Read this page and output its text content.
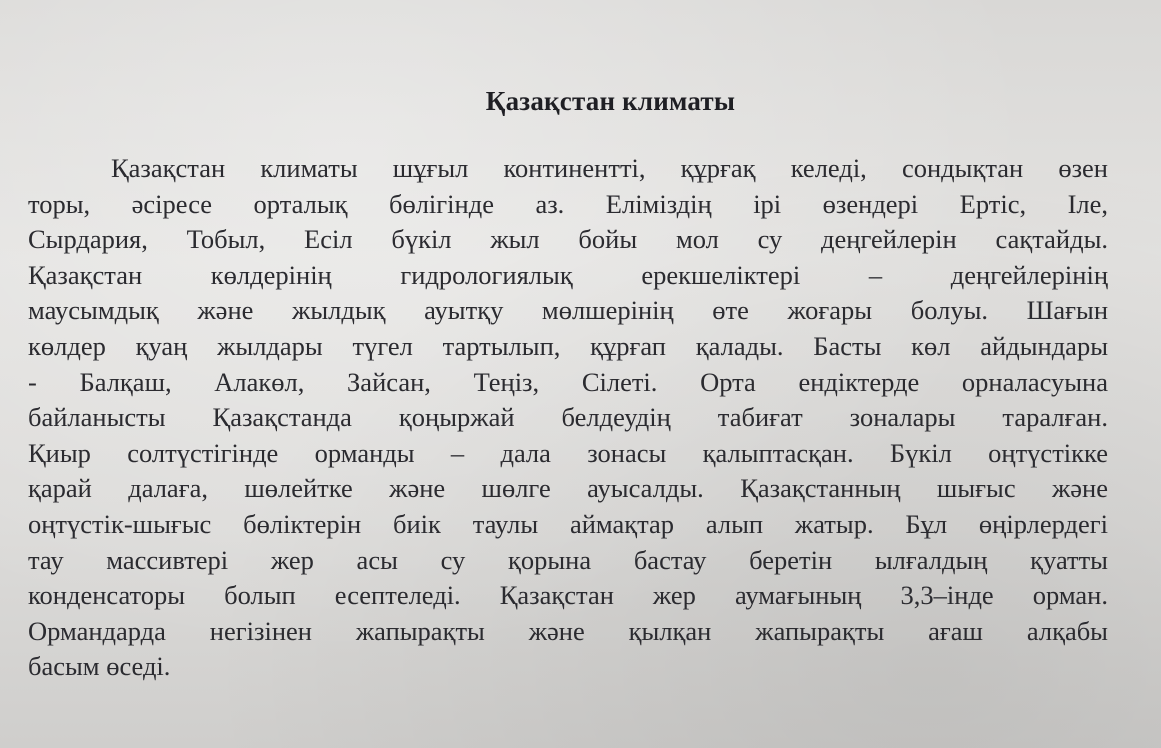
Қазақстан климаты
Қазақстан климаты шұғыл континентті, құрғақ келеді, сондықтан өзен
торы, әсіресе орталық бөлігінде аз. Еліміздің ірі өзендері Ертіс, Іле,
Сырдария, Тобыл, Есіл бүкіл жыл бойы мол су деңгейлерін сақтайды.
Қазақстан көлдерінің гидрологиялық ерекшеліктері – деңгейлерінің
маусымдық және жылдық ауытқу мөлшерінің өте жоғары болуы. Шағын
көлдер қуаң жылдары түгел тартылып, құрғап қалады. Басты көл айдындары
- Балқаш, Алакөл, Зайсан, Теңіз, Сілеті. Орта ендіктерде орналасуына
байланысты Қазақстанда қоңыржай белдеудің табиғат зоналары таралған.
Қиыр солтүстігінде орманды – дала зонасы қалыптасқан. Бүкіл оңтүстікке
қарай далаға, шөлейтке және шөлге ауысалды. Қазақстанның шығыс және
оңтүстік-шығыс бөліктерін биік таулы аймақтар алып жатыр. Бұл өңірлердегі
тау массивтері жер асы су қорына бастау беретін ылғалдың қуатты
конденсаторы болып есептеледі. Қазақстан жер аумағының 3,3–інде орман.
Ормандарда негізінен жапырақты және қылқан жапырақты ағаш алқабы
басым өседі.
